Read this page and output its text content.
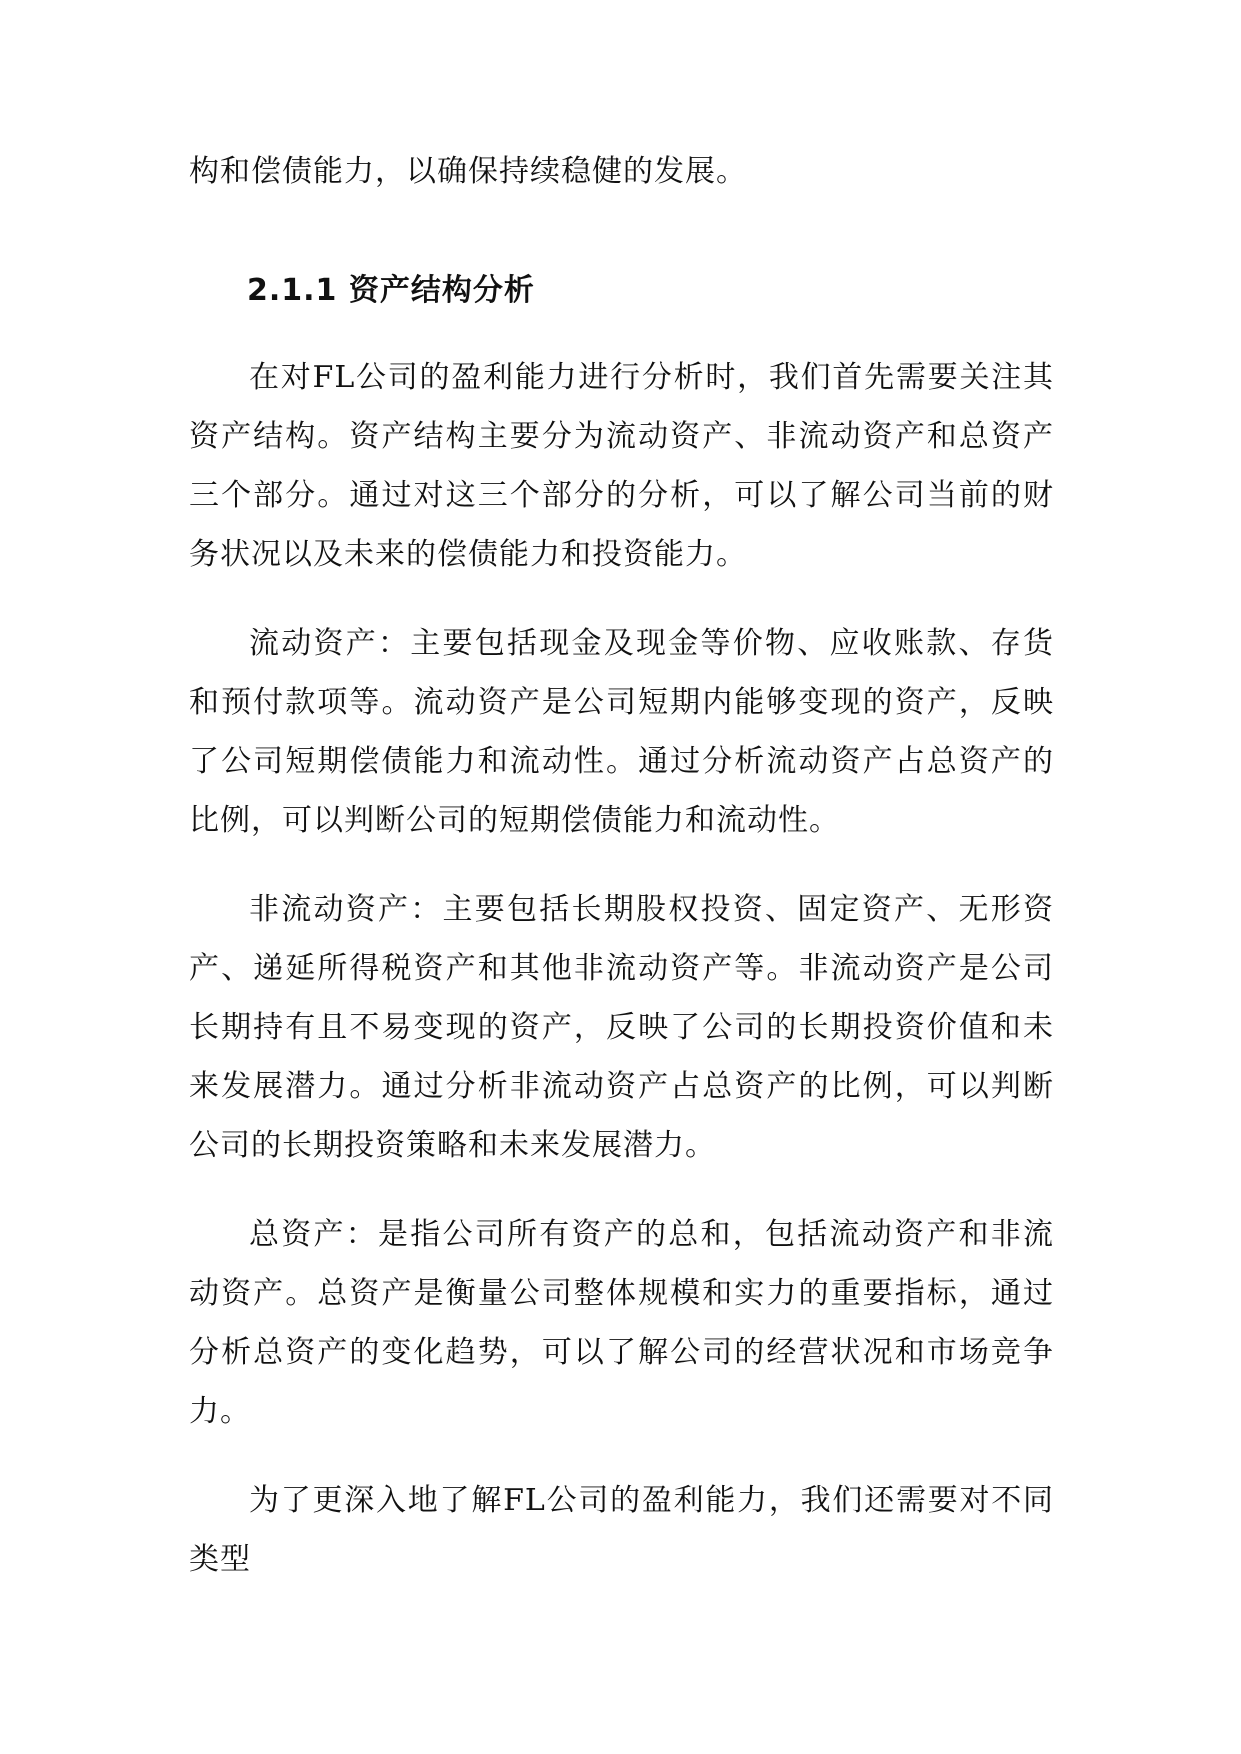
构和偿债能力，以确保持续稳健的发展。

2.1.1 资产结构分析

在对FL公司的盈利能力进行分析时，我们首先需要关注其资产结构。资产结构主要分为流动资产、非流动资产和总资产三个部分。通过对这三个部分的分析，可以了解公司当前的财务状况以及未来的偿债能力和投资能力。

流动资产：主要包括现金及现金等价物、应收账款、存货和预付款项等。流动资产是公司短期内能够变现的资产，反映了公司短期偿债能力和流动性。通过分析流动资产占总资产的比例，可以判断公司的短期偿债能力和流动性。

非流动资产：主要包括长期股权投资、固定资产、无形资产、递延所得税资产和其他非流动资产等。非流动资产是公司长期持有且不易变现的资产，反映了公司的长期投资价值和未来发展潜力。通过分析非流动资产占总资产的比例，可以判断公司的长期投资策略和未来发展潜力。

总资产：是指公司所有资产的总和，包括流动资产和非流动资产。总资产是衡量公司整体规模和实力的重要指标，通过分析总资产的变化趋势，可以了解公司的经营状况和市场竞争力。

为了更深入地了解FL公司的盈利能力，我们还需要对不同类型
